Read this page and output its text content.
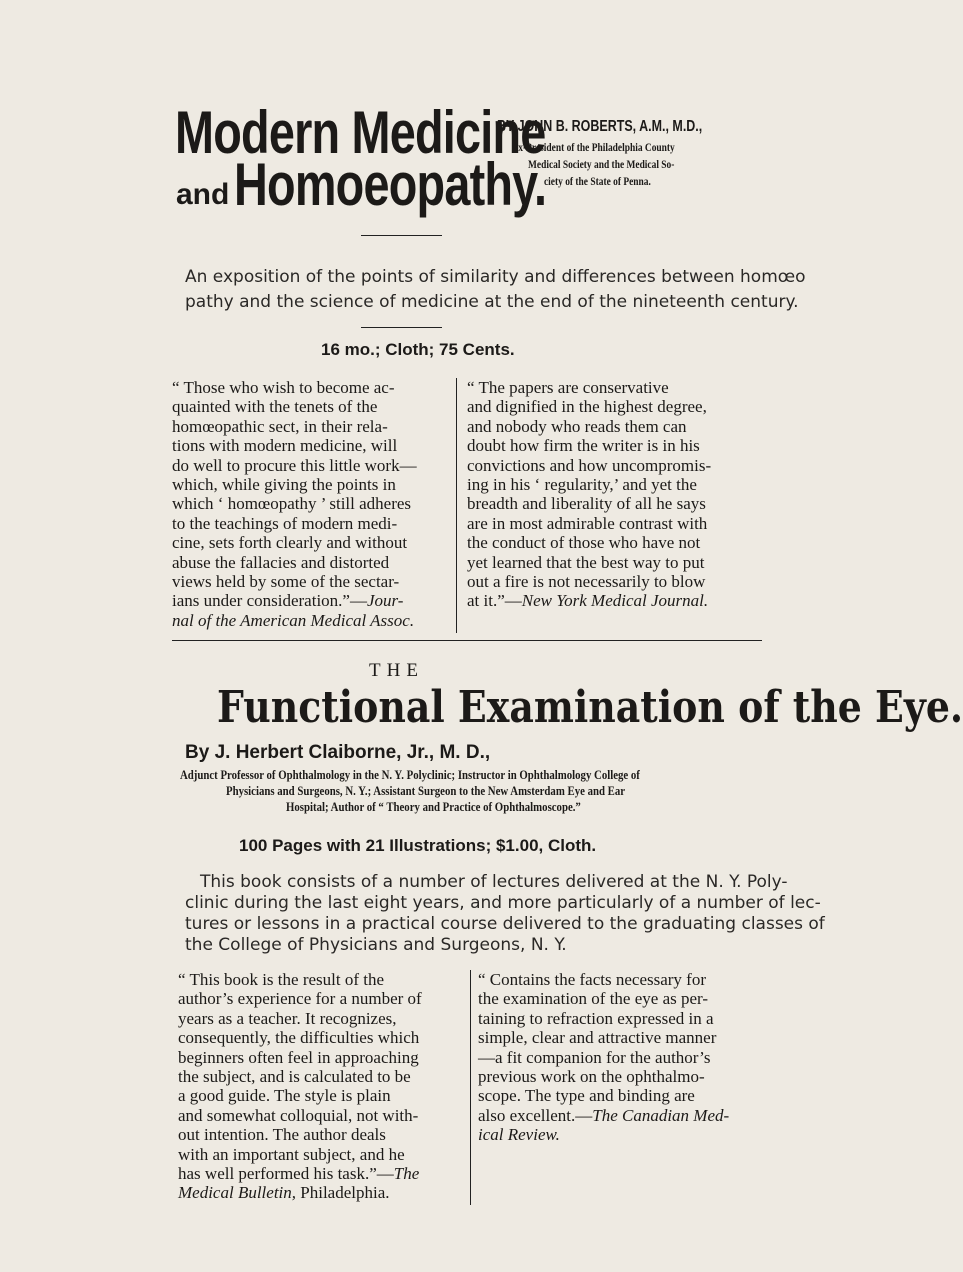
Modern Medicine
and Homoeopathy.
BY JOHN B. ROBERTS, A.M., M.D.,
Ex-President of the Philadelphia County
Medical Society and the Medical So-
ciety of the State of Penna.
An exposition of the points of similarity and differences between homœo
pathy and the science of medicine at the end of the nineteenth century.
16 mo.; Cloth; 75 Cents.
“ Those who wish to become ac-
quainted with the tenets of the
homœopathic sect, in their rela-
tions with modern medicine, will
do well to procure this little work—
which, while giving the points in
which ‘ homœopathy ’ still adheres
to the teachings of modern medi-
cine, sets forth clearly and without
abuse the fallacies and distorted
views held by some of the sectar-
ians under consideration.”—Jour-
nal of the American Medical Assoc.
“ The papers are conservative
and dignified in the highest degree,
and nobody who reads them can
doubt how firm the writer is in his
convictions and how uncompromis-
ing in his ‘ regularity,’ and yet the
breadth and liberality of all he says
are in most admirable contrast with
the conduct of those who have not
yet learned that the best way to put
out a fire is not necessarily to blow
at it.”—New York Medical Journal.
THE
Functional Examination of the Eye.
By J. Herbert Claiborne, Jr., M. D.,
Adjunct Professor of Ophthalmology in the N. Y. Polyclinic; Instructor in Ophthalmology College of
Physicians and Surgeons, N. Y.; Assistant Surgeon to the New Amsterdam Eye and Ear
Hospital; Author of “ Theory and Practice of Ophthalmoscope.”
100 Pages with 21 Illustrations; $1.00, Cloth.
This book consists of a number of lectures delivered at the N. Y. Poly-
clinic during the last eight years, and more particularly of a number of lec-
tures or lessons in a practical course delivered to the graduating classes of
the College of Physicians and Surgeons, N. Y.
“ This book is the result of the
author’s experience for a number of
years as a teacher. It recognizes,
consequently, the difficulties which
beginners often feel in approaching
the subject, and is calculated to be
a good guide. The style is plain
and somewhat colloquial, not with-
out intention. The author deals
with an important subject, and he
has well performed his task.”—The
Medical Bulletin, Philadelphia.
“ Contains the facts necessary for
the examination of the eye as per-
taining to refraction expressed in a
simple, clear and attractive manner
—a fit companion for the author’s
previous work on the ophthalmo-
scope. The type and binding are
also excellent.—The Canadian Med-
ical Review.
